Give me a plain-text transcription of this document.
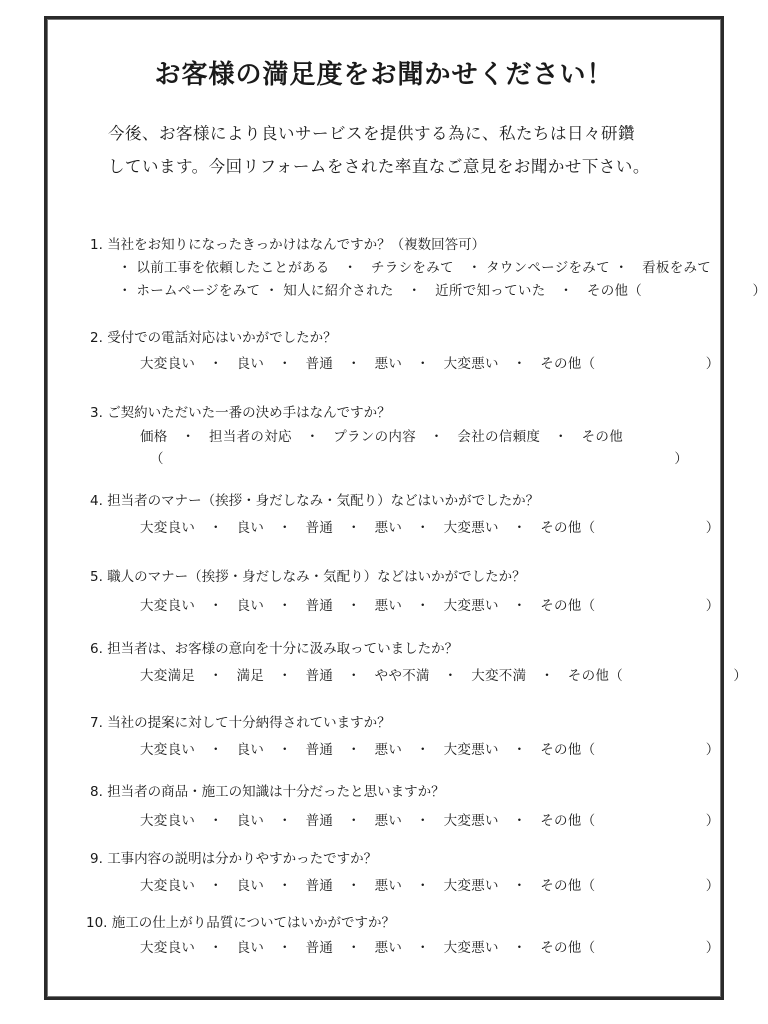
お客様の満足度をお聞かせください！
今後、お客様により良いサービスを提供する為に、私たちは日々研鑽
しています。今回リフォームをされた率直なご意見をお聞かせ下さい。
1. 当社をお知りになったきっかけはなんですか？（複数回答可）
・ 以前工事を依頼したことがある　・　チラシをみて　・ タウンページをみて ・　看板をみて
・ ホームページをみて ・ 知人に紹介された　・　近所で知っていた　・　その他（　　　　　　　　）
2. 受付での電話対応はいかがでしたか？
大変良い　・　良い　・　普通　・　悪い　・　大変悪い　・　その他（　　　　　　　　）
3. ご契約いただいた一番の決め手はなんですか？
価格　・　担当者の対応　・　プランの内容　・　会社の信頼度　・　その他
（　　　　　　　　　　　　　　　　　　　　　　　　　　　　　　　　　　　　　）
4. 担当者のマナー（挨拶・身だしなみ・気配り）などはいかがでしたか？
大変良い　・　良い　・　普通　・　悪い　・　大変悪い　・　その他（　　　　　　　　）
5. 職人のマナー（挨拶・身だしなみ・気配り）などはいかがでしたか？
大変良い　・　良い　・　普通　・　悪い　・　大変悪い　・　その他（　　　　　　　　）
6. 担当者は、お客様の意向を十分に汲み取っていましたか？
大変満足　・　満足　・　普通　・　やや不満　・　大変不満　・　その他（　　　　　　　　）
7. 当社の提案に対して十分納得されていますか？
大変良い　・　良い　・　普通　・　悪い　・　大変悪い　・　その他（　　　　　　　　）
8. 担当者の商品・施工の知識は十分だったと思いますか？
大変良い　・　良い　・　普通　・　悪い　・　大変悪い　・　その他（　　　　　　　　）
9. 工事内容の説明は分かりやすかったですか？
大変良い　・　良い　・　普通　・　悪い　・　大変悪い　・　その他（　　　　　　　　）
10. 施工の仕上がり品質についてはいかがですか？
大変良い　・　良い　・　普通　・　悪い　・　大変悪い　・　その他（　　　　　　　　）
